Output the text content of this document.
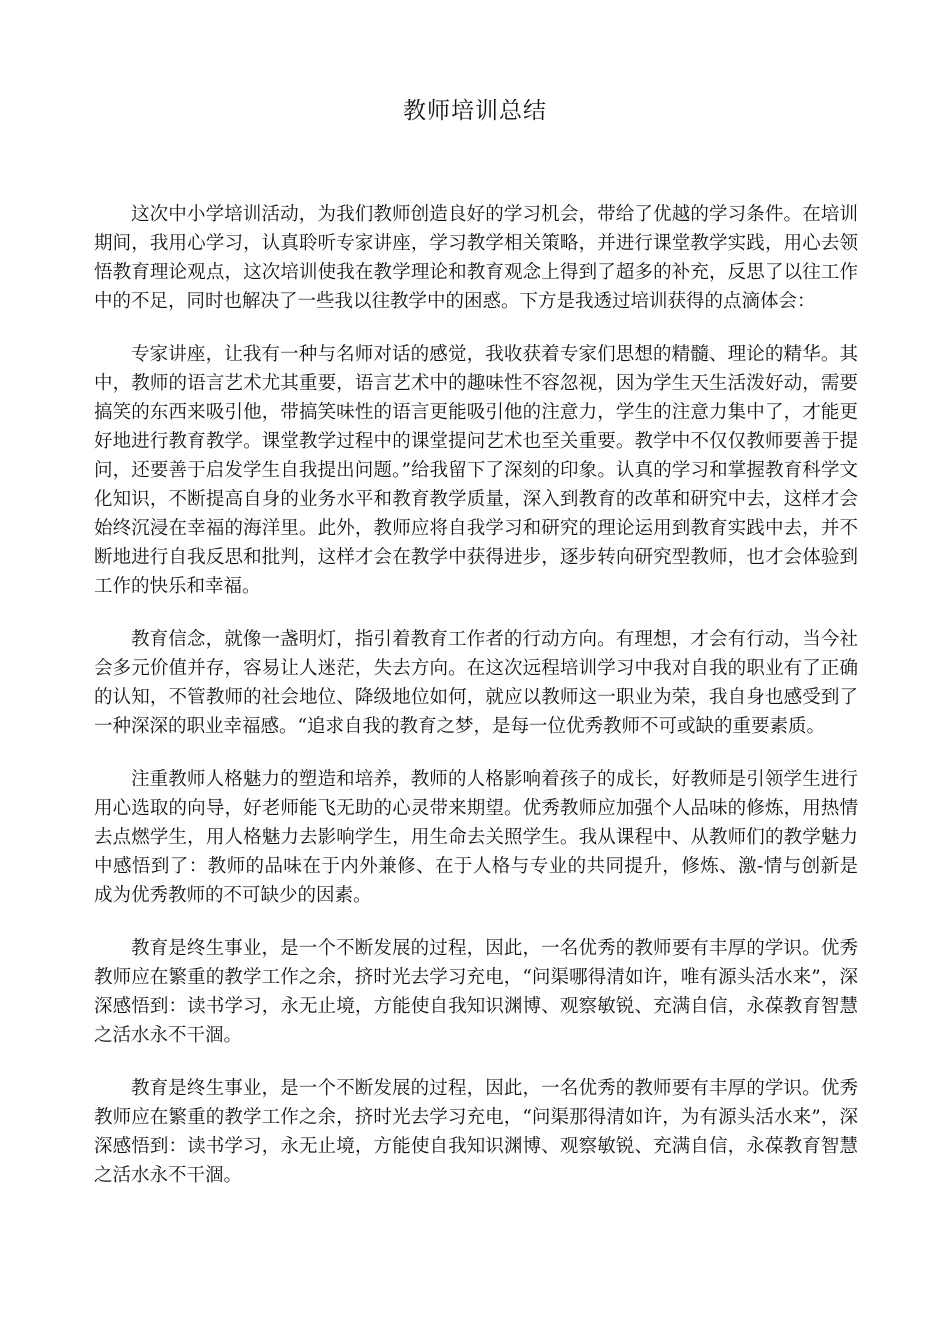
教师培训总结

这次中小学培训活动，为我们教师创造良好的学习机会，带给了优越的学习条件。在培训期间，我用心学习，认真聆听专家讲座，学习教学相关策略，并进行课堂教学实践，用心去领悟教育理论观点，这次培训使我在教学理论和教育观念上得到了超多的补充，反思了以往工作中的不足，同时也解决了一些我以往教学中的困惑。下方是我透过培训获得的点滴体会：

专家讲座，让我有一种与名师对话的感觉，我收获着专家们思想的精髓、理论的精华。其中，教师的语言艺术尤其重要，语言艺术中的趣味性不容忽视，因为学生天生活泼好动，需要搞笑的东西来吸引他，带搞笑味性的语言更能吸引他的注意力，学生的注意力集中了，才能更好地进行教育教学。课堂教学过程中的课堂提问艺术也至关重要。教学中不仅仅教师要善于提问，还要善于启发学生自我提出问题。”给我留下了深刻的印象。认真的学习和掌握教育科学文化知识，不断提高自身的业务水平和教育教学质量，深入到教育的改革和研究中去，这样才会始终沉浸在幸福的海洋里。此外，教师应将自我学习和研究的理论运用到教育实践中去，并不断地进行自我反思和批判，这样才会在教学中获得进步，逐步转向研究型教师，也才会体验到工作的快乐和幸福。

教育信念，就像一盏明灯，指引着教育工作者的行动方向。有理想，才会有行动，当今社会多元价值并存，容易让人迷茫，失去方向。在这次远程培训学习中我对自我的职业有了正确的认知，不管教师的社会地位、降级地位如何，就应以教师这一职业为荣，我自身也感受到了一种深深的职业幸福感。“追求自我的教育之梦，是每一位优秀教师不可或缺的重要素质。

注重教师人格魅力的塑造和培养，教师的人格影响着孩子的成长，好教师是引领学生进行用心选取的向导，好老师能飞无助的心灵带来期望。优秀教师应加强个人品味的修炼，用热情去点燃学生，用人格魅力去影响学生，用生命去关照学生。我从课程中、从教师们的教学魅力中感悟到了：教师的品味在于内外兼修、在于人格与专业的共同提升，修炼、激-情与创新是成为优秀教师的不可缺少的因素。

教育是终生事业，是一个不断发展的过程，因此，一名优秀的教师要有丰厚的学识。优秀教师应在繁重的教学工作之余，挤时光去学习充电，“问渠哪得清如许，唯有源头活水来”，深深感悟到：读书学习，永无止境，方能使自我知识渊博、观察敏锐、充满自信，永葆教育智慧之活水永不干涸。

教育是终生事业，是一个不断发展的过程，因此，一名优秀的教师要有丰厚的学识。优秀教师应在繁重的教学工作之余，挤时光去学习充电，“问渠那得清如许，为有源头活水来”，深深感悟到：读书学习，永无止境，方能使自我知识渊博、观察敏锐、充满自信，永葆教育智慧之活水永不干涸。
